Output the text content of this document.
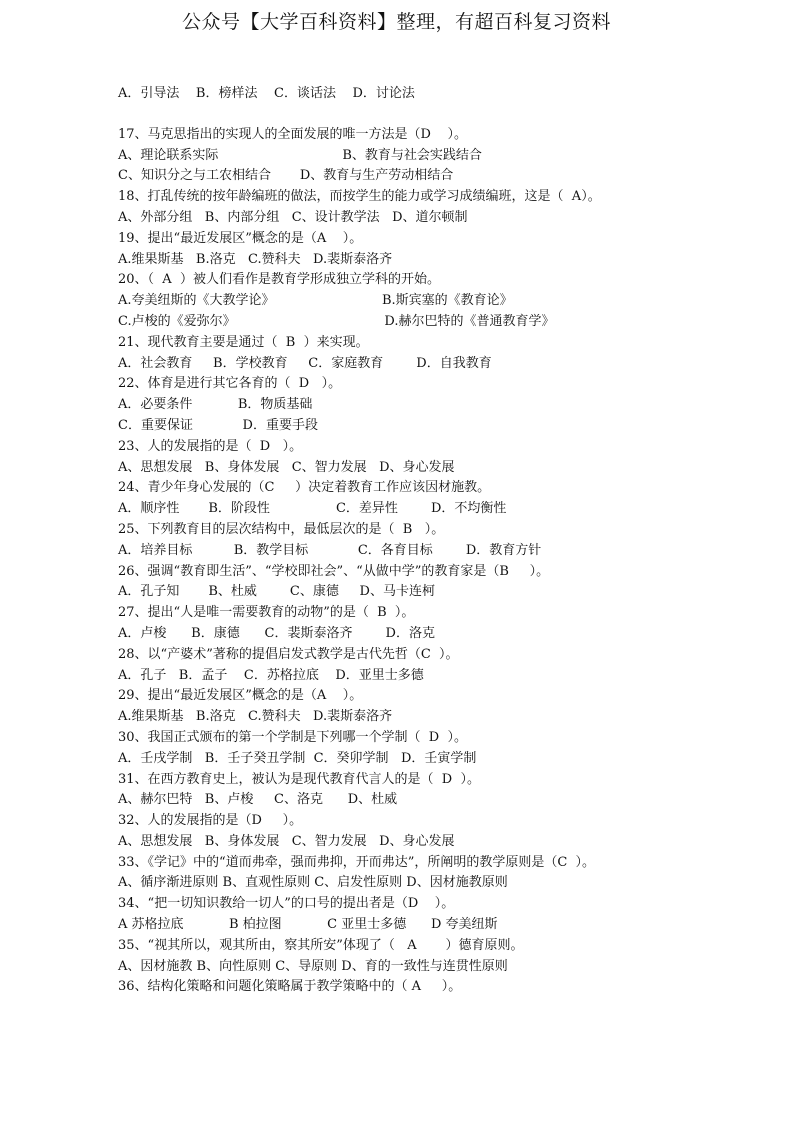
公众号【大学百科资料】整理，有超百科复习资料
A．引导法    B．榜样法    C．谈话法    D．讨论法
17、马克思指出的实现人的全面发展的唯一方法是（D    ）。
A、理论联系实际                              B、教育与社会实践结合
C、知识分之与工农相结合       D、教育与生产劳动相结合
18、打乱传统的按年龄编班的做法，而按学生的能力或学习成绩编班，这是（  A）。
A、外部分组   B、内部分组   C、设计教学法   D、道尔顿制
19、提出“最近发展区”概念的是（A    ）。
A.维果斯基   B.洛克   C.赞科夫   D.裴斯泰洛齐
20、（  A  ）被人们看作是教育学形成独立学科的开始。
A.夸美纽斯的《大教学论》                          B.斯宾塞的《教育论》
C.卢梭的《爱弥尔》                                    D.赫尔巴特的《普通教育学》
21、现代教育主要是通过（  B  ）来实现。
A．社会教育     B．学校教育     C．家庭教育        D．自我教育
22、体育是进行其它各育的（  D   ）。
A．必要条件           B．物质基础
C．重要保证            D．重要手段
23、人的发展指的是（  D   ）。
A、思想发展   B、身体发展   C、智力发展   D、身心发展
24、青少年身心发展的（C     ）决定着教育工作应该因材施教。
A．顺序性       B．阶段性                C．差异性        D．不均衡性
25、下列教育目的层次结构中，最低层次的是（  B   ）。
A．培养目标          B．教学目标            C．各育目标        D．教育方针
26、强调“教育即生活”、“学校即社会”、“从做中学”的教育家是（B     ）。
A．孔子知       B、杜威        C、康德     D、马卡连柯
27、提出“人是唯一需要教育的动物”的是（  B  ）。
A．卢梭      B．康德      C．裴斯泰洛齐        D．洛克
28、以“产婆术”著称的提倡启发式教学是古代先哲（C  ）。
A．孔子   B．孟子    C．苏格拉底    D．亚里士多德
29、提出“最近发展区”概念的是（A    ）。
A.维果斯基   B.洛克   C.赞科夫   D.裴斯泰洛齐
30、我国正式颁布的第一个学制是下列哪一个学制（  D  ）。
A．壬戌学制   B．壬子癸丑学制  C．癸卯学制   D．壬寅学制
31、在西方教育史上，被认为是现代教育代言人的是（  D  ）。
A、赫尔巴特   B、卢梭     C、洛克      D、杜威
32、人的发展指的是（D     ）。
A、思想发展   B、身体发展   C、智力发展   D、身心发展
33、《学记》中的“道而弗牵，强而弗抑，开而弗达”，所阐明的教学原则是（C  ）。
A、循序渐进原则 B、直观性原则 C、启发性原则 D、因材施教原则
34、“把一切知识教给一切人”的口号的提出者是（D    ）。
A 苏格拉底           B 柏拉图           C 亚里士多德      D 夸美纽斯
35、“视其所以，观其所由，察其所安”体现了（   A       ）德育原则。
A、因材施教 B、向性原则 C、导原则 D、育的一致性与连贯性原则
36、结构化策略和问题化策略属于教学策略中的（ A     ）。
